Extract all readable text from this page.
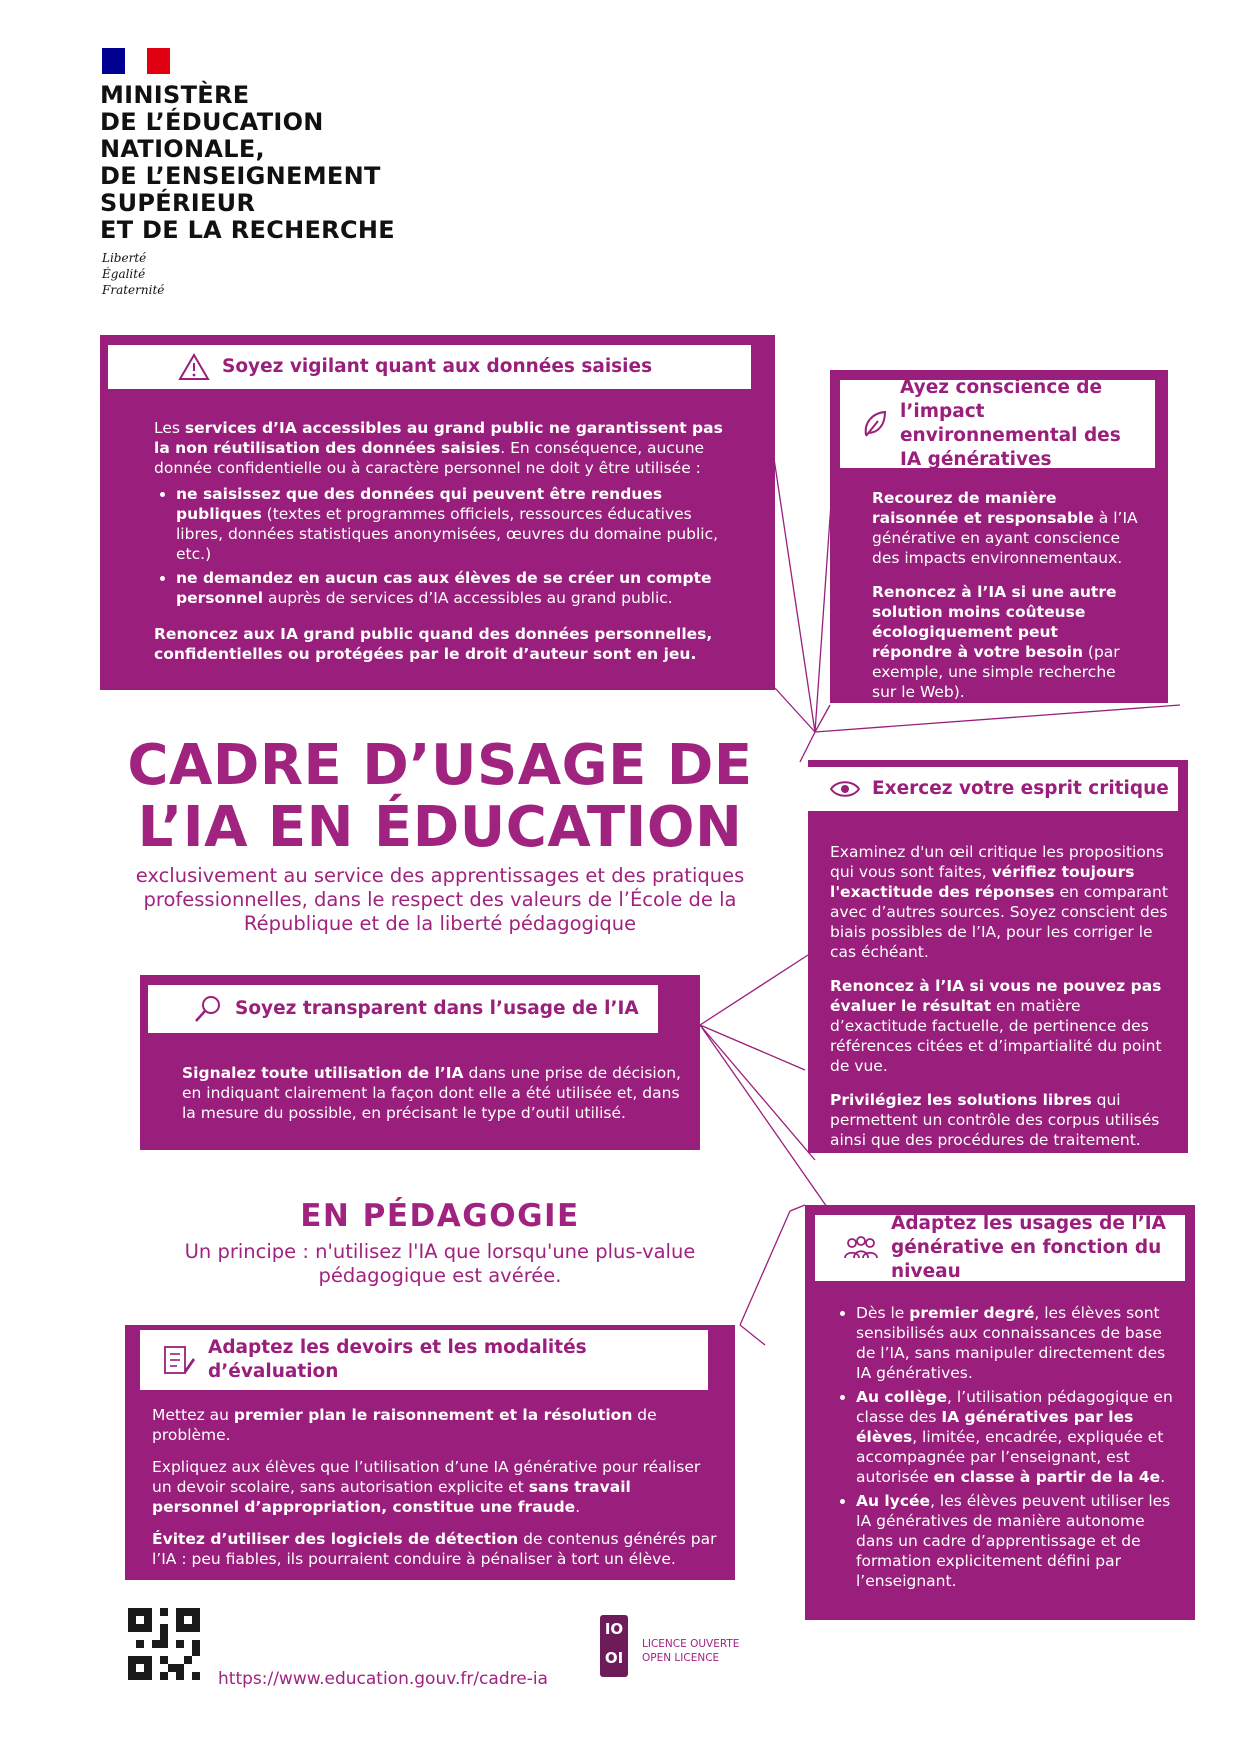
MINISTÈRE
DE L’ÉDUCATION
NATIONALE,
DE L’ENSEIGNEMENT
SUPÉRIEUR
ET DE LA RECHERCHE
Liberté
Égalité
Fraternité
Soyez vigilant quant aux données saisies

Les services d’IA accessibles au grand public ne garantissent pas la non réutilisation des données saisies. En conséquence, aucune donnée confidentielle ou à caractère personnel ne doit y être utilisée :

• ne saisissez que des données qui peuvent être rendues publiques (textes et programmes officiels, ressources éducatives libres, données statistiques anonymisées, œuvres du domaine public, etc.)
• ne demandez en aucun cas aux élèves de se créer un compte personnel auprès de services d’IA accessibles au grand public.

Renoncez aux IA grand public quand des données personnelles, confidentielles ou protégées par le droit d’auteur sont en jeu.

Ayez conscience de l’impact environnemental des IA génératives

Recourez de manière raisonnée et responsable à l’IA générative en ayant conscience des impacts environnementaux.

Renoncez à l’IA si une autre solution moins coûteuse écologiquement peut répondre à votre besoin (par exemple, une simple recherche sur le Web).

CADRE D’USAGE DE
L’IA EN ÉDUCATION
exclusivement au service des apprentissages et des pratiques professionnelles, dans le respect des valeurs de l’École de la République et de la liberté pédagogique
Exercez votre esprit critique

Examinez d'un œil critique les propositions qui vous sont faites, vérifiez toujours l'exactitude des réponses en comparant avec d’autres sources. Soyez conscient des biais possibles de l’IA, pour les corriger le cas échéant.

Renoncez à l’IA si vous ne pouvez pas évaluer le résultat en matière d’exactitude factuelle, de pertinence des références citées et d’impartialité du point de vue.

Privilégiez les solutions libres qui permettent un contrôle des corpus utilisés ainsi que des procédures de traitement.

Soyez transparent dans l’usage de l’IA

Signalez toute utilisation de l’IA dans une prise de décision, en indiquant clairement la façon dont elle a été utilisée et, dans la mesure du possible, en précisant le type d’outil utilisé.

EN PÉDAGOGIE
Un principe : n'utilisez l'IA que lorsqu'une plus-value pédagogique est avérée.
Adaptez les usages de l’IA générative en fonction du niveau
• Dès le premier degré, les élèves sont sensibilisés aux connaissances de base de l’IA, sans manipuler directement des IA génératives.
• Au collège, l’utilisation pédagogique en classe des IA génératives par les élèves, limitée, encadrée, expliquée et accompagnée par l’enseignant, est autorisée en classe à partir de la 4e.
• Au lycée, les élèves peuvent utiliser les IA génératives de manière autonome dans un cadre d’apprentissage et de formation explicitement défini par l’enseignant.
Adaptez les devoirs et les modalités d’évaluation

Mettez au premier plan le raisonnement et la résolution de problème.

Expliquez aux élèves que l’utilisation d’une IA générative pour réaliser un devoir scolaire, sans autorisation explicite et sans travail personnel d’appropriation, constitue une fraude.

Évitez d’utiliser des logiciels de détection de contenus générés par l’IA : peu fiables, ils pourraient conduire à pénaliser à tort un élève.

https://www.education.gouv.fr/cadre-ia
IO
OI
LICENCE OUVERTE
OPEN LICENCE
